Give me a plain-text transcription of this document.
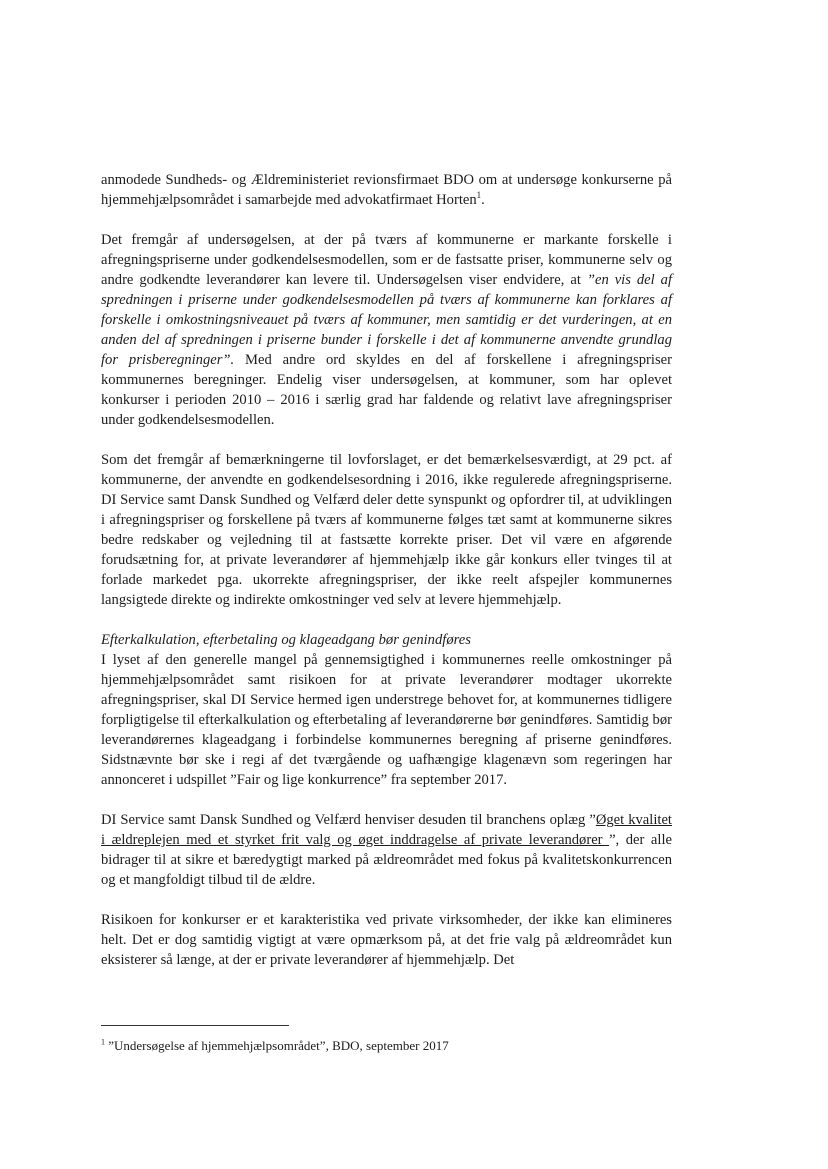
anmodede Sundheds- og Ældreministeriet revionsfirmaet BDO om at undersøge konkurserne på hjemmehjælpsområdet i samarbejde med advokatfirmaet Horten$^1$.

Det fremgår af undersøgelsen, at der på tværs af kommunerne er markante forskelle i afregningspriserne under godkendelsesmodellen, som er de fastsatte priser, kommunerne selv og andre godkendte leverandører kan levere til. Undersøgelsen viser endvidere, at ”en vis del af spredningen i priserne under godkendelsesmodellen på tværs af kommunerne kan forklares af forskelle i omkostningsniveauet på tværs af kommuner, men samtidig er det vurderingen, at en anden del af spredningen i priserne bunder i forskelle i det af kommunerne anvendte grundlag for prisberegninger”. Med andre ord skyldes en del af forskellene i afregningspriser kommunernes beregninger. Endelig viser undersøgelsen, at kommuner, som har oplevet konkurser i perioden 2010 – 2016 i særlig grad har faldende og relativt lave afregningspriser under godkendelsesmodellen.

Som det fremgår af bemærkningerne til lovforslaget, er det bemærkelsesværdigt, at 29 pct. af kommunerne, der anvendte en godkendelsesordning i 2016, ikke regulerede afregningspriserne. DI Service samt Dansk Sundhed og Velfærd deler dette synspunkt og opfordrer til, at udviklingen i afregningspriser og forskellene på tværs af kommunerne følges tæt samt at kommunerne sikres bedre redskaber og vejledning til at fastsætte korrekte priser. Det vil være en afgørende forudsætning for, at private leverandører af hjemmehjælp ikke går konkurs eller tvinges til at forlade markedet pga. ukorrekte afregningspriser, der ikke reelt afspejler kommunernes langsigtede direkte og indirekte omkostninger ved selv at levere hjemmehjælp.

Efterkalkulation, efterbetaling og klageadgang bør genindføres
I lyset af den generelle mangel på gennemsigtighed i kommunernes reelle omkostninger på hjemmehjælpsområdet samt risikoen for at private leverandører modtager ukorrekte afregningspriser, skal DI Service hermed igen understrege behovet for, at kommunernes tidligere forpligtigelse til efterkalkulation og efterbetaling af leverandørerne bør genindføres. Samtidig bør leverandørernes klageadgang i forbindelse kommunernes beregning af priserne genindføres. Sidstnævnte bør ske i regi af det tværgående og uafhængige klagenævn som regeringen har annonceret i udspillet ”Fair og lige konkurrence” fra september 2017.

DI Service samt Dansk Sundhed og Velfærd henviser desuden til branchens oplæg ”Øget kvalitet i ældreplejen med et styrket frit valg og øget inddragelse af private leverandører ”, der alle bidrager til at sikre et bæredygtigt marked på ældreområdet med fokus på kvalitetskonkurrencen og et mangfoldigt tilbud til de ældre.

Risikoen for konkurser er et karakteristika ved private virksomheder, der ikke kan elimineres helt. Det er dog samtidig vigtigt at være opmærksom på, at det frie valg på ældreområdet kun eksisterer så længe, at der er private leverandører af hjemmehjælp. Det

$^1$ ”Undersøgelse af hjemmehjælpsområdet”, BDO, september 2017
